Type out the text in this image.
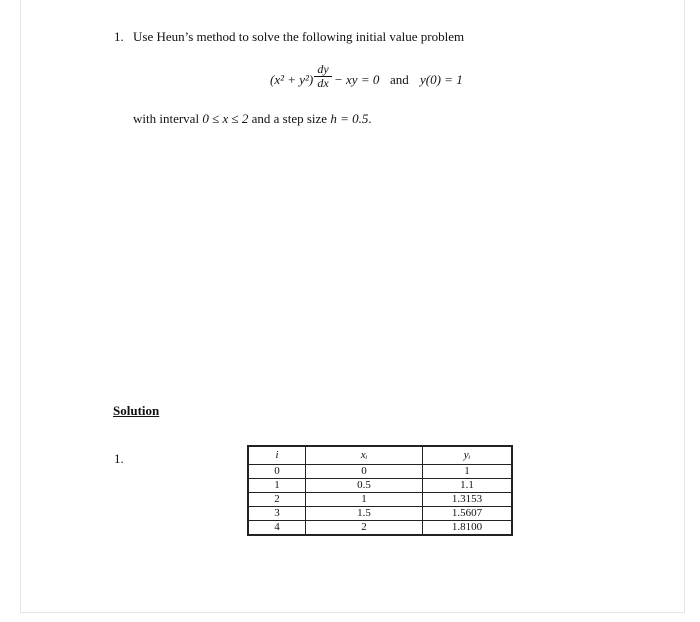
1. Use Heun’s method to solve the following initial value problem
$(x^2 + y^2) \frac{dy}{dx}$ − xy = 0 and y(0) = 1
with interval 0 ≤ x ≤ 2 and a step size h = 0.5.
Solution
1.	i	xᵢ	yᵢ
0	0	1
1	0.5	1.1
2	1	1.3153
3	1.5	1.5607
4	2	1.8100
